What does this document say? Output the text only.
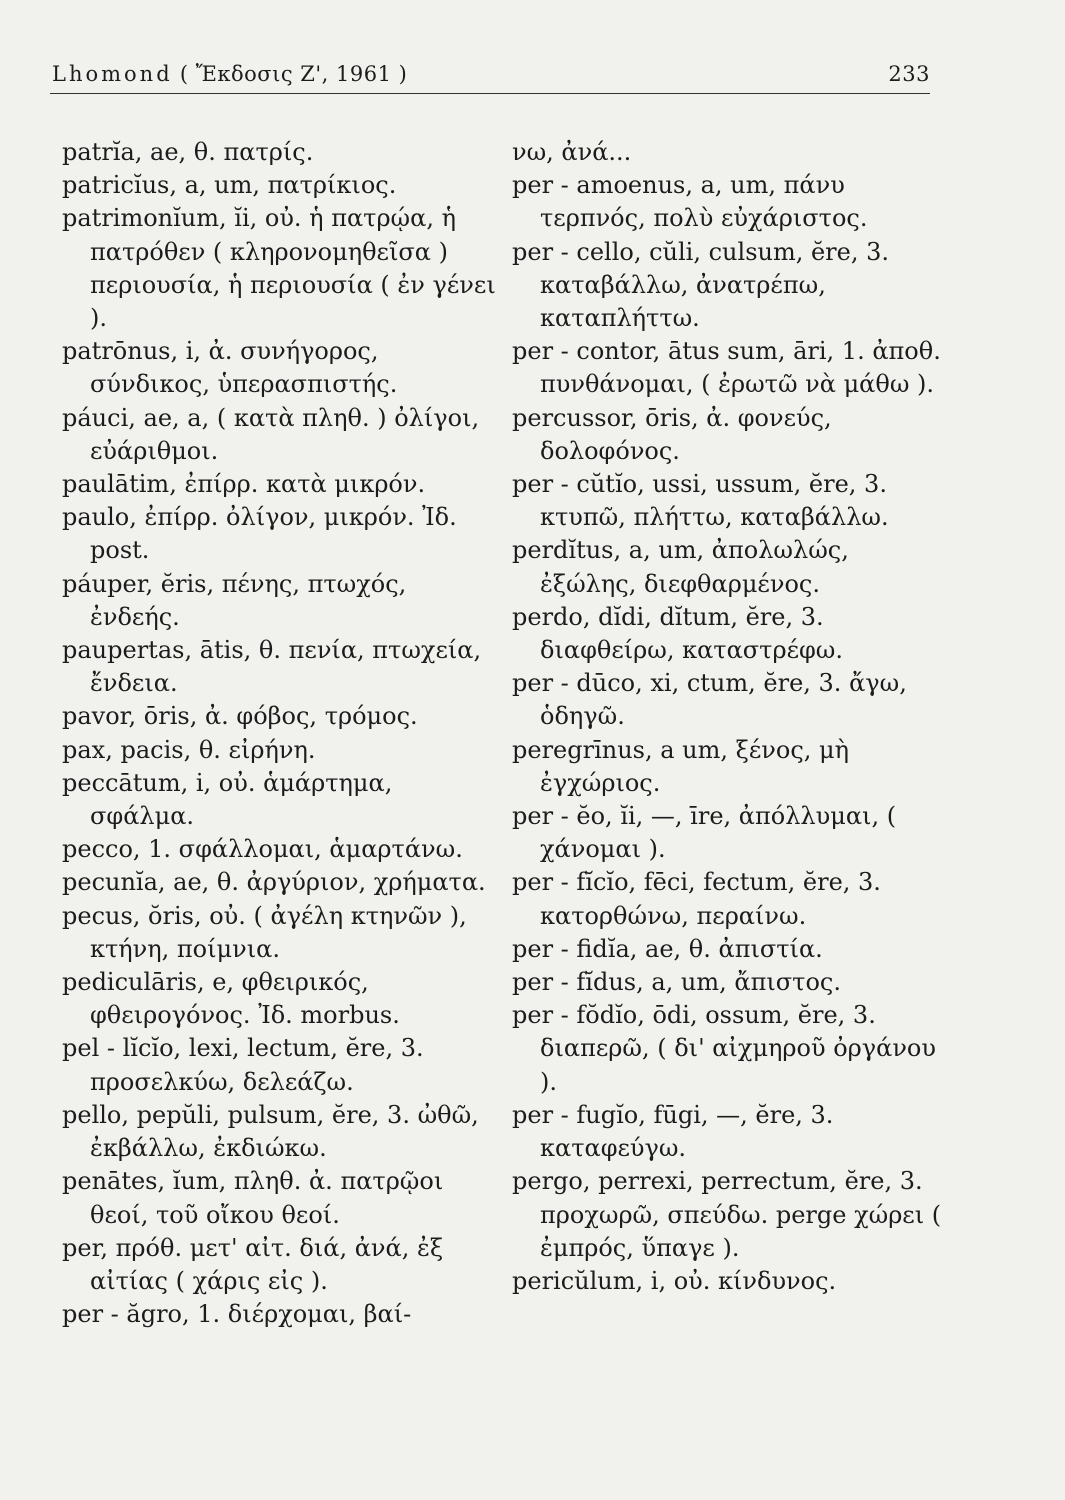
Lhomond ( Ἔκδοσις Ζ', 1961 )	233
patrĭa, ae, θ. πατρίς.
patricĭus, a, um, πατρίκιος.
patrimonĭum, ĭi, οὐ. ἡ πατρῴα, ἡ πατρόθεν ( κληρονομηθεῖσα ) περιουσία, ἡ περιουσία ( ἐν γένει ).
patrōnus, i, ἀ. συνήγορος, σύνδικος, ὑπερασπιστής.
páuci, ae, a, ( κατὰ πληθ. ) ὀλίγοι, εὐάριθμοι.
paulātim, ἐπίρρ. κατὰ μικρόν.
paulo, ἐπίρρ. ὀλίγον, μικρόν. Ἰδ. post.
páuper, ĕris, πένης, πτωχός, ἐνδεής.
paupertas, ātis, θ. πενία, πτωχεία, ἔνδεια.
pavor, ōris, ἀ. φόβος, τρόμος.
pax, pacis, θ. εἰρήνη.
peccātum, i, οὐ. ἁμάρτημα, σφάλμα.
pecco, 1. σφάλλομαι, ἁμαρτάνω.
pecunĭa, ae, θ. ἀργύριον, χρήματα.
pecus, ŏris, οὐ. ( ἀγέλη κτηνῶν ), κτήνη, ποίμνια.
pediculāris, e, φθειρικός, φθειρογόνος. Ἰδ. morbus.
pel - lĭcĭo, lexi, lectum, ĕre, 3. προσελκύω, δελεάζω.
pello, pepŭli, pulsum, ĕre, 3. ὠθῶ, ἐκβάλλω, ἐκδιώκω.
penātes, ĭum, πληθ. ἀ. πατρῷοι θεοί, τοῦ οἴκου θεοί.
per, πρόθ. μετ' αἰτ. διά, ἀνά, ἐξ αἰτίας ( χάρις εἰς ).
per - ăgro, 1. διέρχομαι, βαί-
νω, ἀνά...
per - amoenus, a, um, πάνυ τερπνός, πολὺ εὐχάριστος.
per - cello, cŭli, culsum, ĕre, 3. καταβάλλω, ἀνατρέπω, καταπλήττω.
per - contor, ātus sum, āri, 1. ἀποθ. πυνθάνομαι, ( ἐρωτῶ νὰ μάθω ).
percussor, ōris, ἀ. φονεύς, δολοφόνος.
per - cŭtĭo, ussi, ussum, ĕre, 3. κτυπῶ, πλήττω, καταβάλλω.
perdĭtus, a, um, ἀπολωλώς, ἐξώλης, διεφθαρμένος.
perdo, dĭdi, dĭtum, ĕre, 3. διαφθείρω, καταστρέφω.
per - dūco, xi, ctum, ĕre, 3. ἄγω, ὁδηγῶ.
peregrīnus, a um, ξένος, μὴ ἐγχώριος.
per - ĕo, ĭi, —, īre, ἀπόλλυμαι, ( χάνομαι ).
per - fĭcĭo, fēci, fectum, ĕre, 3. κατορθώνω, περαίνω.
per - fidĭa, ae, θ. ἀπιστία.
per - fĭdus, a, um, ἄπιστος.
per - fŏdĭo, ōdi, ossum, ĕre, 3. διαπερῶ, ( δι' αἰχμηροῦ ὀργάνου ).
per - fugĭo, fūgi, —, ĕre, 3. καταφεύγω.
pergo, perrexi, perrectum, ĕre, 3. προχωρῶ, σπεύδω. perge χώρει ( ἐμπρός, ὕπαγε ).
pericŭlum, i, οὐ. κίνδυνος.
